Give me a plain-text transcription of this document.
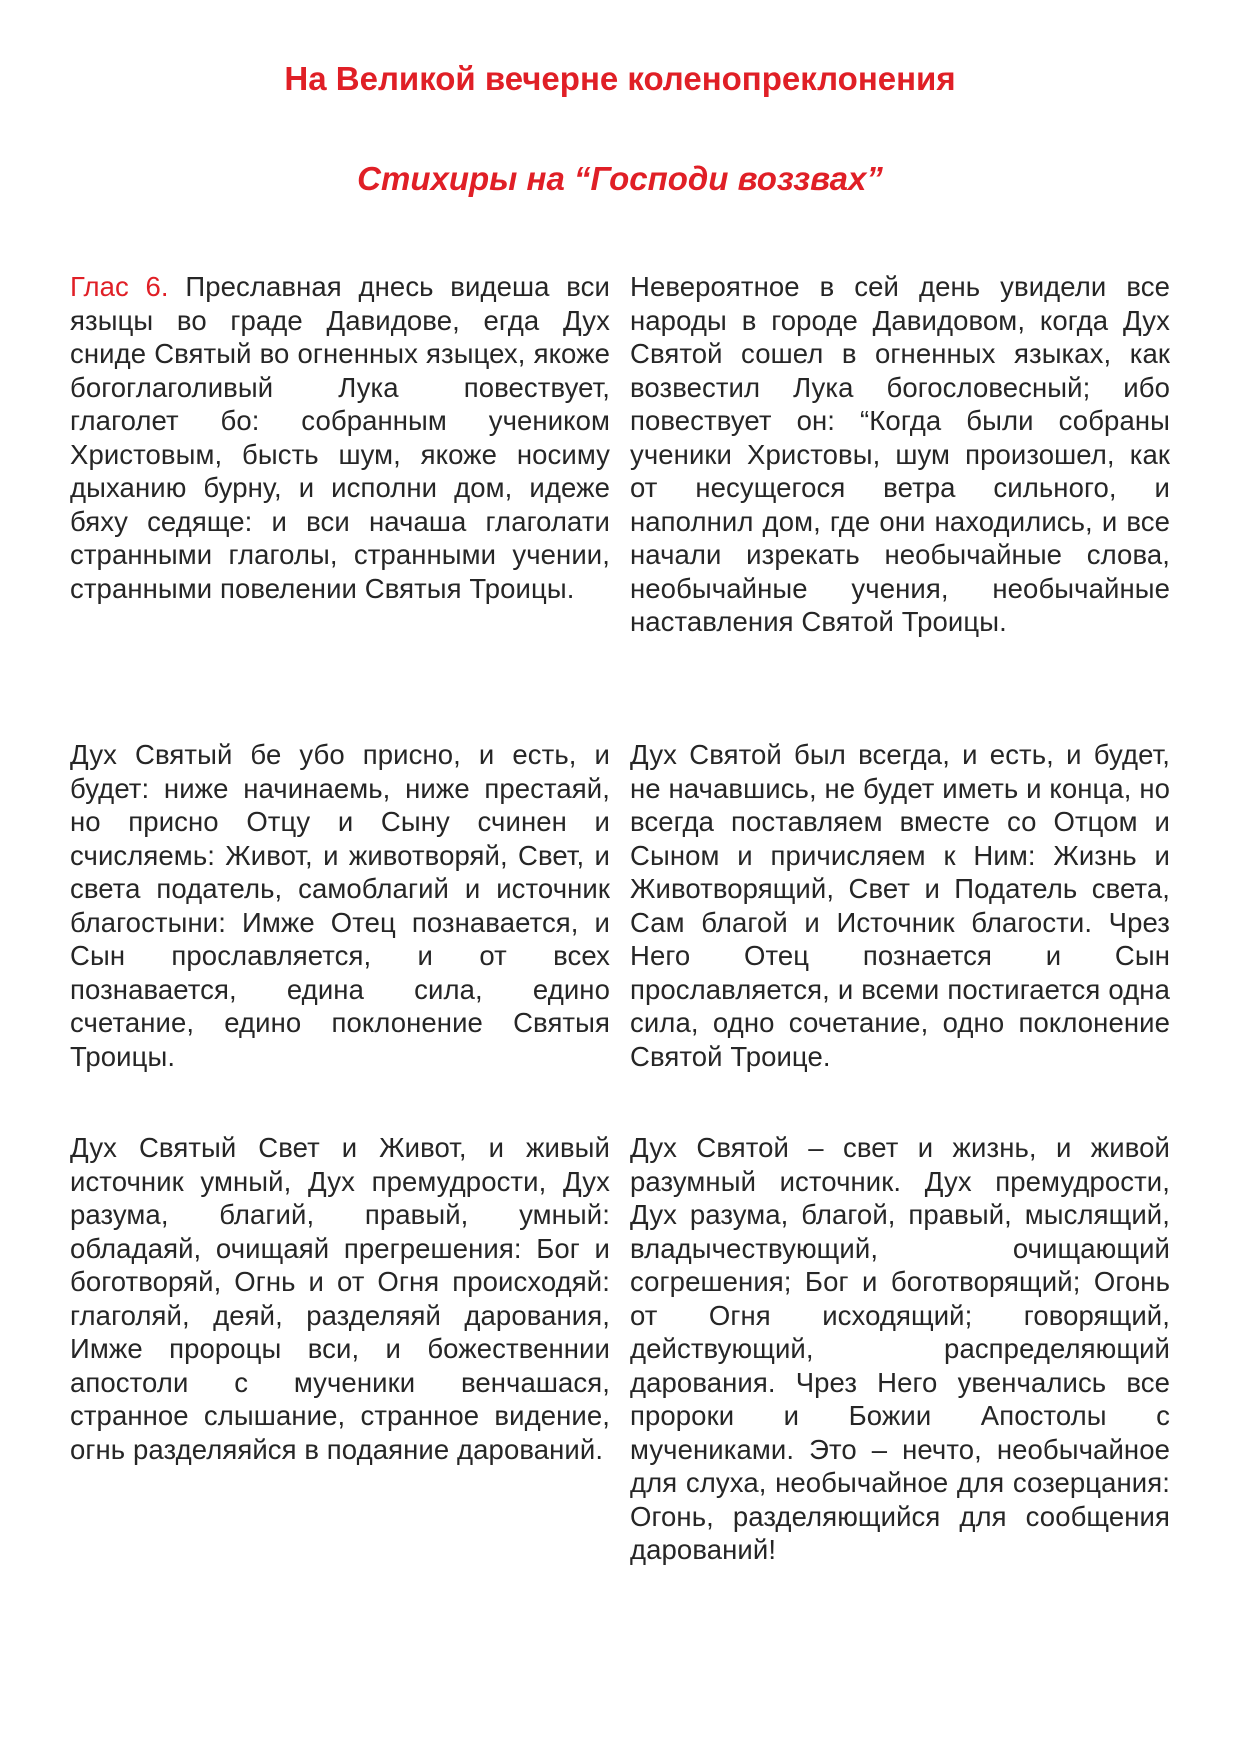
На Великой вечерне коленопреклонения
Стихиры на “Господи воззвах”

Глас 6. Преславная днесь видеша вси языцы во граде Давидове, егда Дух сниде Святый во огненных языцех, якоже богоглаголивый Лука повествует, глаголет бо: собранным учеником Христовым, бысть шум, якоже носиму дыханию бурну, и исполни дом, идеже бяху седяще: и вси начаша глаголати странными глаголы, странными учении, странными повелении Святыя Троицы.

Невероятное в сей день увидели все народы в городе Давидовом, когда Дух Святой сошел в огненных языках, как возвестил Лука богословесный; ибо повествует он: “Когда были собраны ученики Христовы, шум произошел, как от несущегося ветра сильного, и наполнил дом, где они находились, и все начали изрекать необычайные слова, необычайные учения, необычайные наставления Святой Троицы.

Дух Святый бе убо присно, и есть, и будет: ниже начинаемь, ниже престаяй, но присно Отцу и Сыну счинен и счисляемь: Живот, и животворяй, Свет, и света податель, самоблагий и источник благостыни: Имже Отец познавается, и Сын прославляется, и от всех познавается, едина сила, едино счетание, едино поклонение Святыя Троицы.

Дух Святой был всегда, и есть, и будет, не начавшись, не будет иметь и конца, но всегда поставляем вместе со Отцом и Сыном и причисляем к Ним: Жизнь и Животворящий, Свет и Податель света, Сам благой и Источник благости. Чрез Него Отец познается и Сын прославляется, и всеми постигается одна сила, одно сочетание, одно поклонение Святой Троице.

Дух Святый Свет и Живот, и живый источник умный, Дух премудрости, Дух разума, благий, правый, умный: обладаяй, очищаяй прегрешения: Бог и боготворяй, Огнь и от Огня происходяй: глаголяй, деяй, разделяяй дарования, Имже пророцы вси, и божественнии апостоли с мученики венчашася, странное слышание, странное видение, огнь разделяяйся в подаяние дарований.

Дух Святой – свет и жизнь, и живой разумный источник. Дух премудрости, Дух разума, благой, правый, мыслящий, владычествующий, очищающий согрешения; Бог и боготворящий; Огонь от Огня исходящий; говорящий, действующий, распределяющий дарования. Чрез Него увенчались все пророки и Божии Апостолы с мучениками. Это – нечто, необычайное для слуха, необычайное для созерцания: Огонь, разделяющийся для сообщения дарований!
